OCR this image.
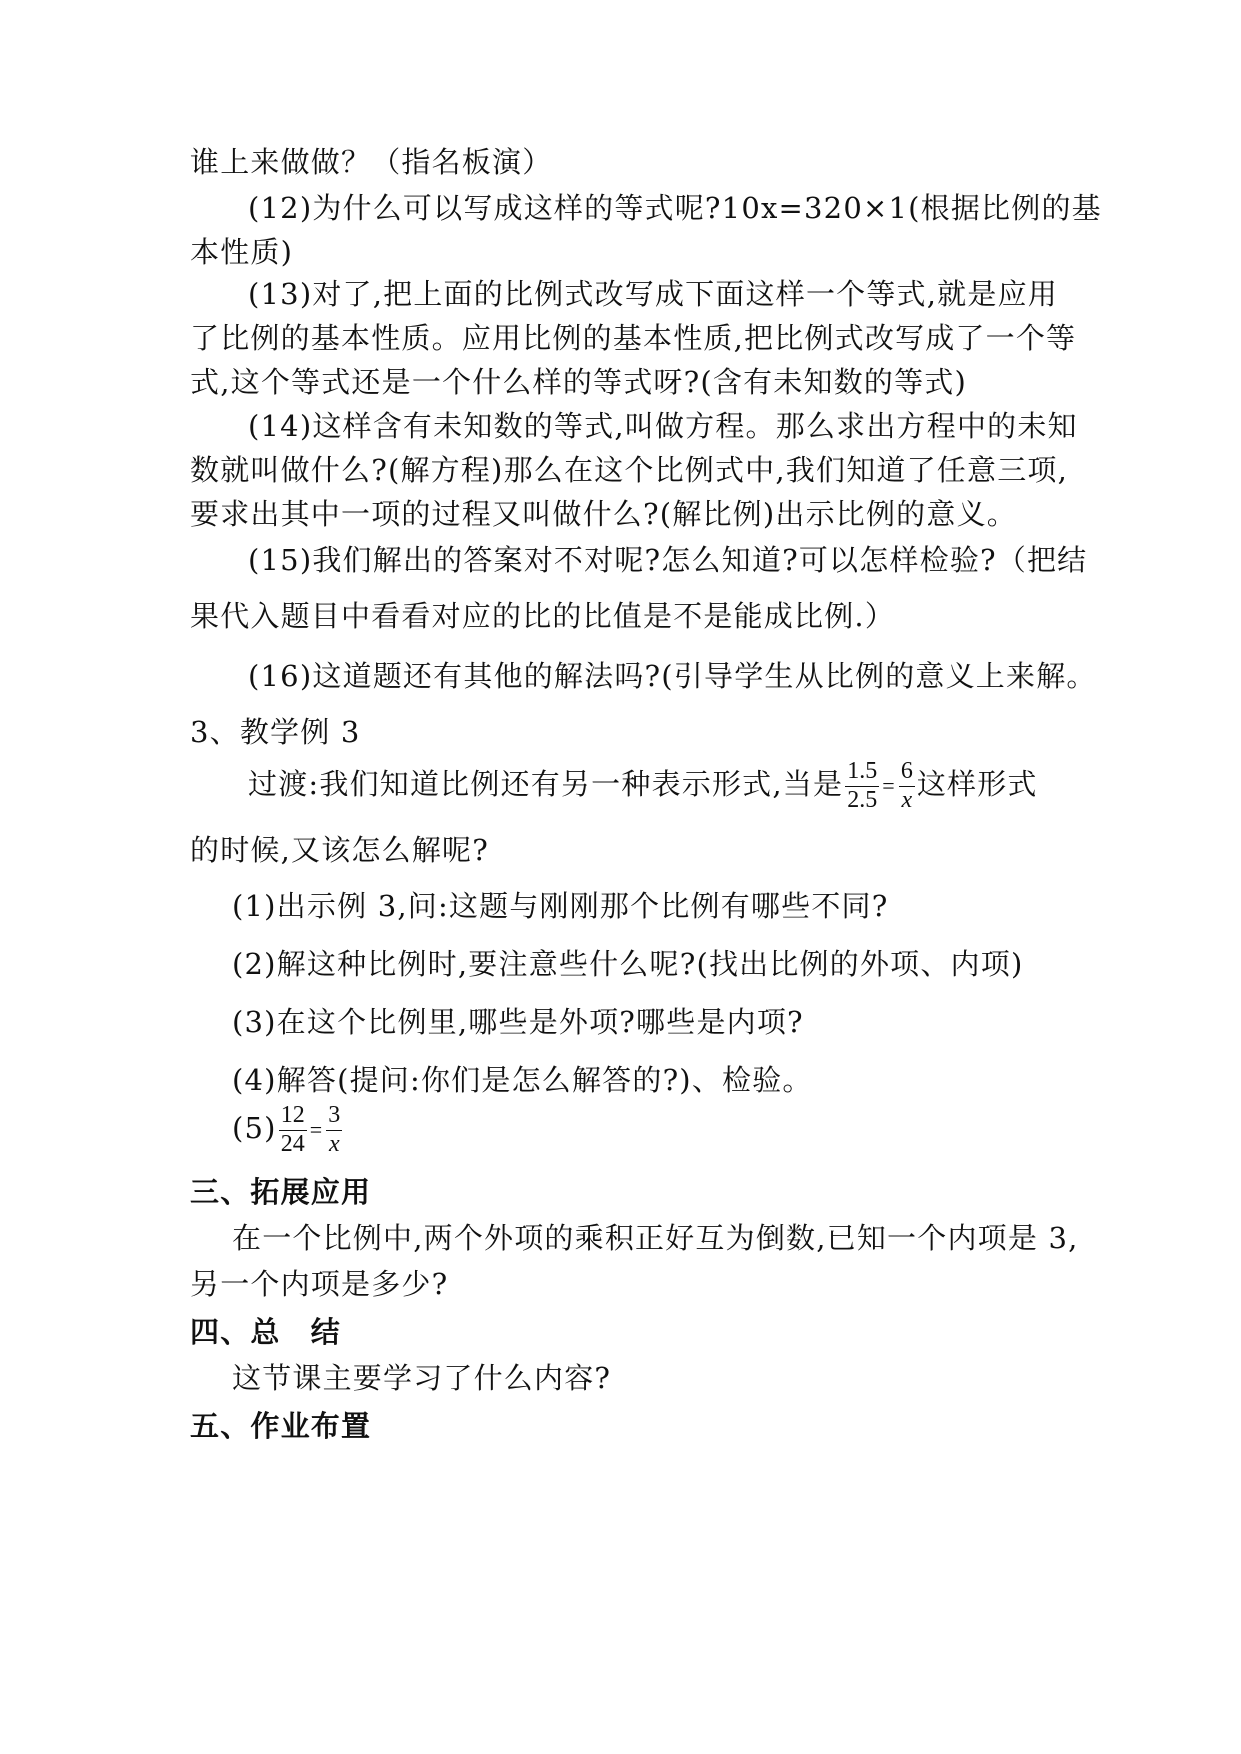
谁上来做做？（指名板演）
(12)为什么可以写成这样的等式呢?10x=320×1(根据比例的基
本性质)
(13)对了,把上面的比例式改写成下面这样一个等式,就是应用
了比例的基本性质。应用比例的基本性质,把比例式改写成了一个等
式,这个等式还是一个什么样的等式呀?(含有未知数的等式)
(14)这样含有未知数的等式,叫做方程。那么求出方程中的未知
数就叫做什么?(解方程)那么在这个比例式中,我们知道了任意三项,
要求出其中一项的过程又叫做什么?(解比例)出示比例的意义。
(15)我们解出的答案对不对呢?怎么知道?可以怎样检验?（把结
果代入题目中看看对应的比的比值是不是能成比例.）
(16)这道题还有其他的解法吗?(引导学生从比例的意义上来解。
3、教学例 3
过渡:我们知道比例还有另一种表示形式,当是 $\frac{1.5}{2.5} = \frac{6}{x}$ 这样形式
的时候,又该怎么解呢?
(1)出示例 3,问:这题与刚刚那个比例有哪些不同?
(2)解这种比例时,要注意些什么呢?(找出比例的外项、内项)
(3)在这个比例里,哪些是外项?哪些是内项?
(4)解答(提问:你们是怎么解答的?)、检验。
$(5) \frac{12}{24} = \frac{3}{x}$
三、拓展应用
在一个比例中,两个外项的乘积正好互为倒数,已知一个内项是 3,
另一个内项是多少?
四、总　结
这节课主要学习了什么内容?
五、作业布置
